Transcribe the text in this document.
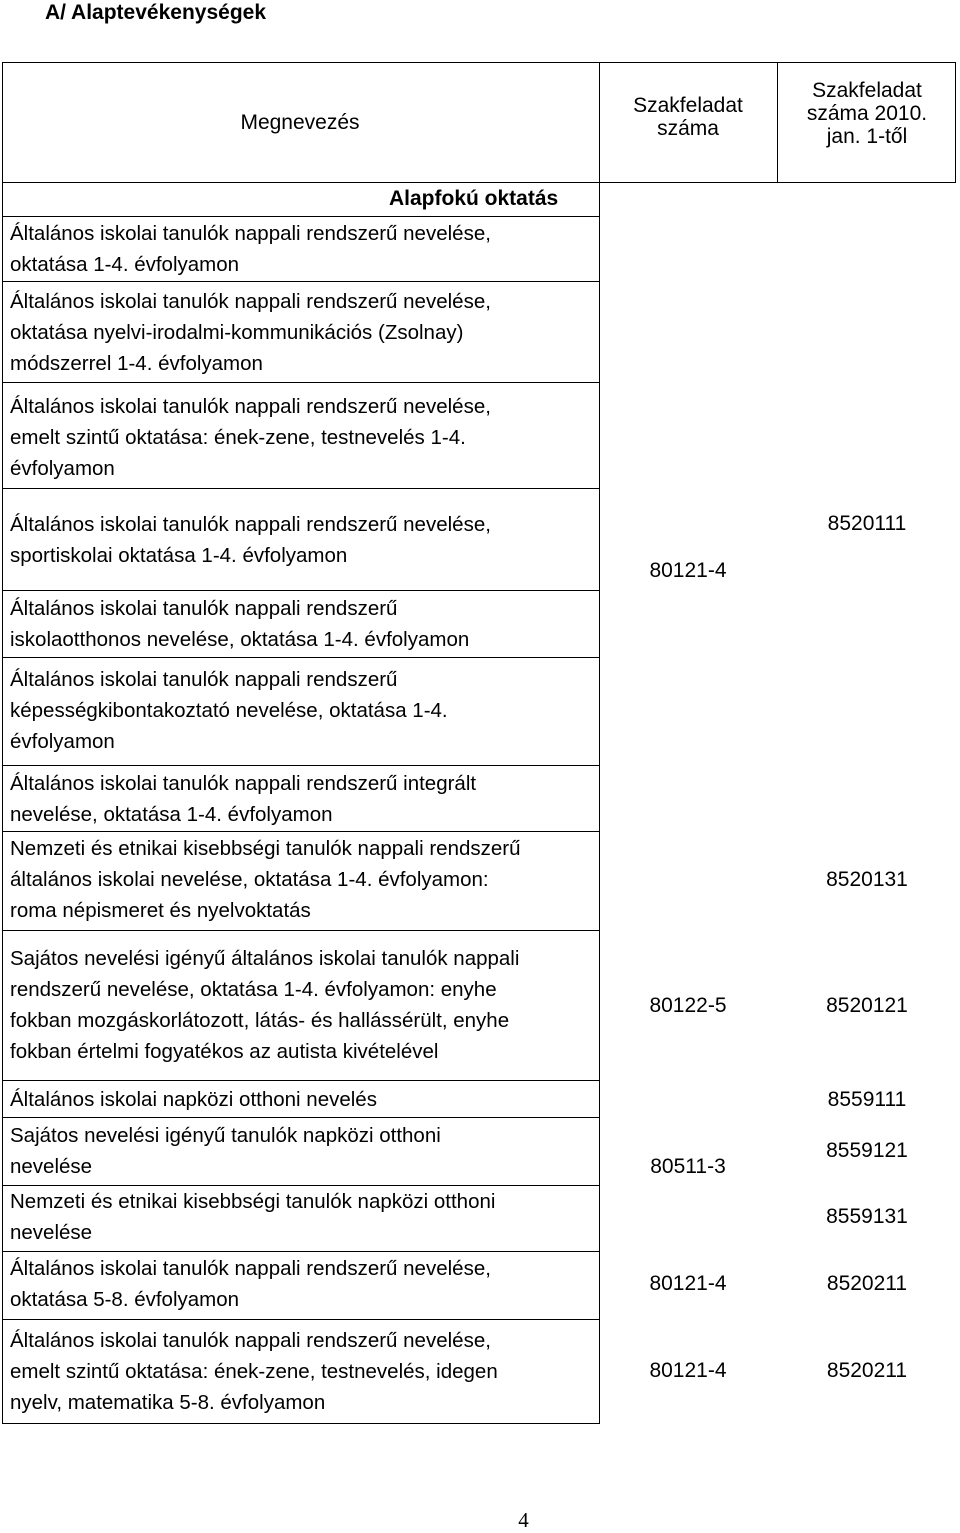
A/ Alaptevékenységek
Megnevezés
Szakfeladat
száma
Szakfeladat
száma 2010.
jan. 1-től
Alapfokú oktatás
Általános iskolai tanulók nappali rendszerű nevelése,
oktatása 1-4. évfolyamon
Általános iskolai tanulók nappali rendszerű nevelése,
oktatása nyelvi-irodalmi-kommunikációs (Zsolnay)
módszerrel 1-4. évfolyamon
Általános iskolai tanulók nappali rendszerű nevelése,
emelt szintű oktatása: ének-zene, testnevelés 1-4.
évfolyamon
Általános iskolai tanulók nappali rendszerű nevelése,
sportiskolai oktatása 1-4. évfolyamon
Általános iskolai tanulók nappali rendszerű
iskolaotthonos nevelése, oktatása 1-4. évfolyamon
Általános iskolai tanulók nappali rendszerű
képességkibontakoztató nevelése, oktatása 1-4.
évfolyamon
Általános iskolai tanulók nappali rendszerű integrált
nevelése, oktatása 1-4. évfolyamon
Nemzeti és etnikai kisebbségi tanulók nappali rendszerű
általános iskolai nevelése, oktatása 1-4. évfolyamon:
roma népismeret és nyelvoktatás
Sajátos nevelési igényű általános iskolai tanulók nappali
rendszerű nevelése, oktatása 1-4. évfolyamon: enyhe
fokban mozgáskorlátozott, látás- és hallássérült, enyhe
fokban értelmi fogyatékos az autista kivételével
Általános iskolai napközi otthoni nevelés
Sajátos nevelési igényű tanulók napközi otthoni
nevelése
Nemzeti és etnikai kisebbségi tanulók napközi otthoni
nevelése
Általános iskolai tanulók nappali rendszerű nevelése,
oktatása 5-8. évfolyamon
Általános iskolai tanulók nappali rendszerű nevelése,
emelt szintű oktatása: ének-zene, testnevelés, idegen
nyelv, matematika 5-8. évfolyamon
80121-4
80122-5
80511-3
80121-4
80121-4
8520111
8520131
8520121
8559111
8559121
8559131
8520211
8520211
4
